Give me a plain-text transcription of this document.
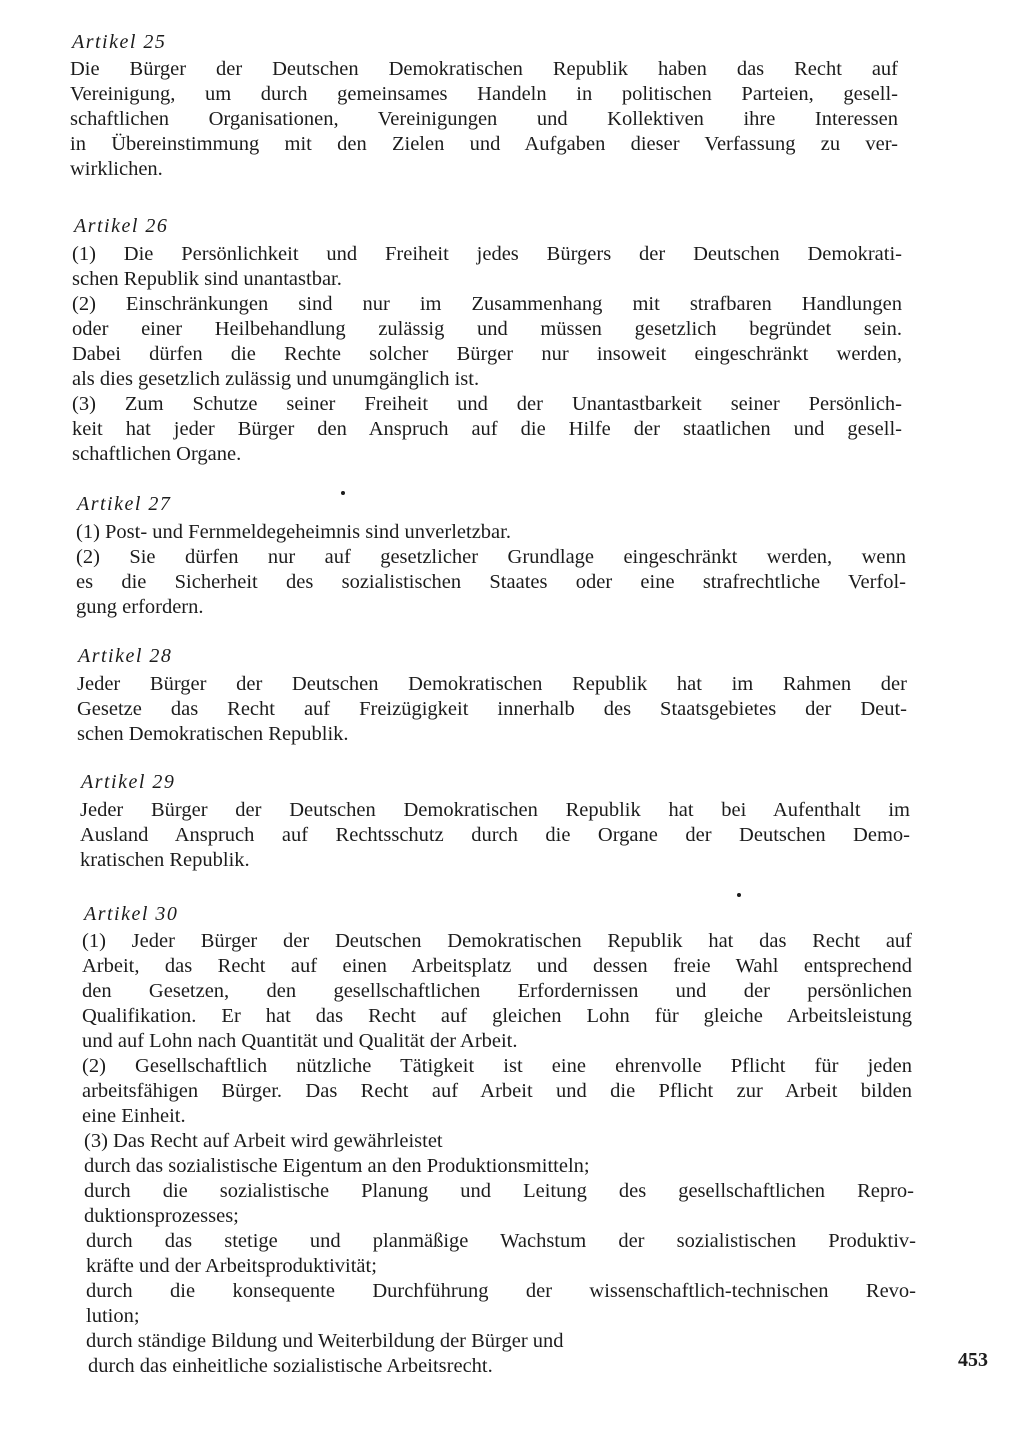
Artikel 25
Die Bürger der Deutschen Demokratischen Republik haben das Recht auf
Vereinigung, um durch gemeinsames Handeln in politischen Parteien, gesell-
schaftlichen Organisationen, Vereinigungen und Kollektiven ihre Interessen
in Übereinstimmung mit den Zielen und Aufgaben dieser Verfassung zu ver-
wirklichen.
Artikel 26
(1) Die Persönlichkeit und Freiheit jedes Bürgers der Deutschen Demokrati-
schen Republik sind unantastbar.
(2) Einschränkungen sind nur im Zusammenhang mit strafbaren Handlungen
oder einer Heilbehandlung zulässig und müssen gesetzlich begründet sein.
Dabei dürfen die Rechte solcher Bürger nur insoweit eingeschränkt werden,
als dies gesetzlich zulässig und unumgänglich ist.
(3) Zum Schutze seiner Freiheit und der Unantastbarkeit seiner Persönlich-
keit hat jeder Bürger den Anspruch auf die Hilfe der staatlichen und gesell-
schaftlichen Organe.
Artikel 27
(1) Post- und Fernmeldegeheimnis sind unverletzbar.
(2) Sie dürfen nur auf gesetzlicher Grundlage eingeschränkt werden, wenn
es die Sicherheit des sozialistischen Staates oder eine strafrechtliche Verfol-
gung erfordern.
Artikel 28
Jeder Bürger der Deutschen Demokratischen Republik hat im Rahmen der
Gesetze das Recht auf Freizügigkeit innerhalb des Staatsgebietes der Deut-
schen Demokratischen Republik.
Artikel 29
Jeder Bürger der Deutschen Demokratischen Republik hat bei Aufenthalt im
Ausland Anspruch auf Rechtsschutz durch die Organe der Deutschen Demo-
kratischen Republik.
Artikel 30
(1) Jeder Bürger der Deutschen Demokratischen Republik hat das Recht auf
Arbeit, das Recht auf einen Arbeitsplatz und dessen freie Wahl entsprechend
den Gesetzen, den gesellschaftlichen Erfordernissen und der persönlichen
Qualifikation. Er hat das Recht auf gleichen Lohn für gleiche Arbeitsleistung
und auf Lohn nach Quantität und Qualität der Arbeit.
(2) Gesellschaftlich nützliche Tätigkeit ist eine ehrenvolle Pflicht für jeden
arbeitsfähigen Bürger. Das Recht auf Arbeit und die Pflicht zur Arbeit bilden
eine Einheit.
(3) Das Recht auf Arbeit wird gewährleistet
durch das sozialistische Eigentum an den Produktionsmitteln;
durch die sozialistische Planung und Leitung des gesellschaftlichen Repro-
duktionsprozesses;
durch das stetige und planmäßige Wachstum der sozialistischen Produktiv-
kräfte und der Arbeitsproduktivität;
durch die konsequente Durchführung der wissenschaftlich-technischen Revo-
lution;
durch ständige Bildung und Weiterbildung der Bürger und
durch das einheitliche sozialistische Arbeitsrecht.	453
